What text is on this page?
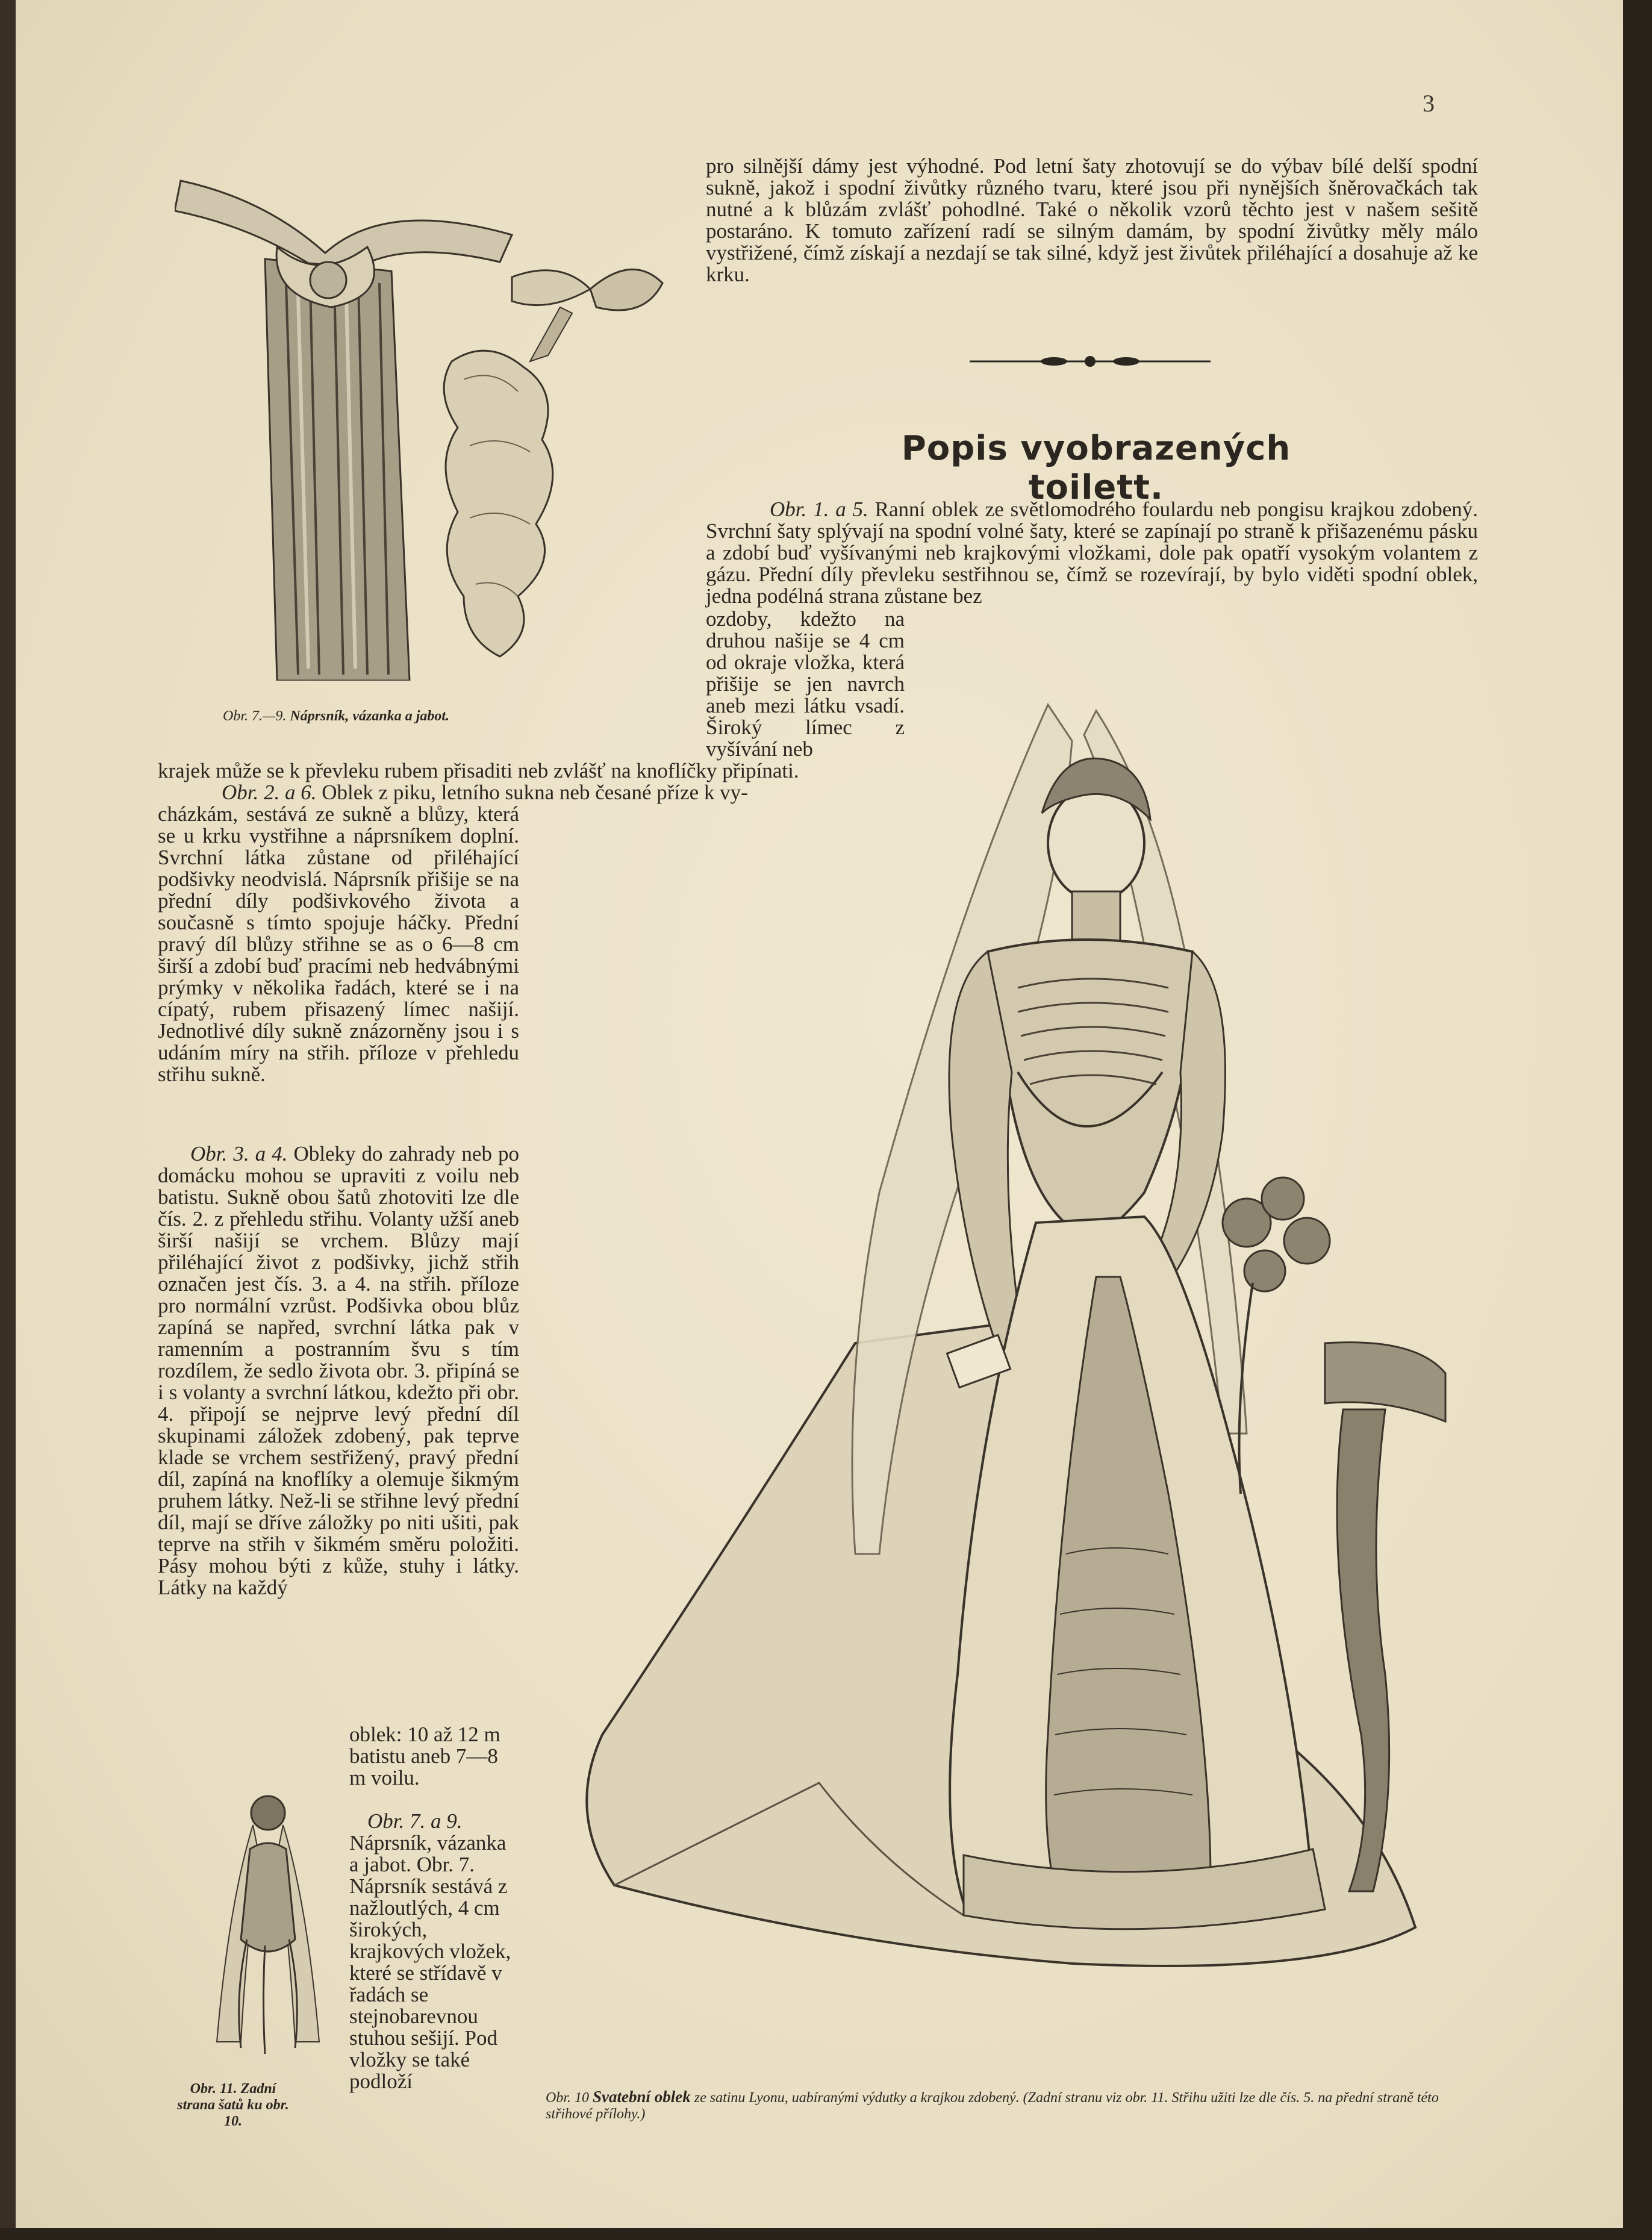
3

pro silnější dámy jest výhodné. Pod letní šaty zhotovují se do výbav bílé delší spodní sukně, jakož i spodní živůtky různého tvaru, které jsou při nynějších šněrovačkách tak nutné a k blůzám zvlášť pohodlné. Také o několik vzorů těchto jest v našem sešitě postaráno. K tomuto zařízení radí se silným damám, by spodní živůtky měly málo vystřižené, čímž získají a nezdají se tak silné, když jest živůtek přiléhající a dosahuje až ke krku.

Popis vyobrazených toilett.

Obr. 1. a 5. Ranní oblek ze světlomodrého foulardu neb pongisu krajkou zdobený. Svrchní šaty splývají na spodní volné šaty, které se zapínají po straně k přišazenému pásku a zdobí buď vyšívanými neb krajkovými vložkami, dole pak opatří vysokým volantem z gázu. Přední díly převleku sestřihnou se, čímž se rozevírají, by bylo viděti spodní oblek, jedna podélná strana zůstane bez

ozdoby, kdežto na druhou našije se 4 cm od okraje vložka, která přišije se jen navrch aneb mezi látku vsadí. Široký límec z vyšívání neb

krajek může se k převleku rubem přisaditi neb zvlášť na knoflíčky připínati.

Obr. 2. a 6. Oblek z piku, letního sukna neb česané příze k vy-

cházkám, sestává ze sukně a blůzy, která se u krku vystřihne a náprsníkem doplní. Svrchní látka zůstane od přiléhající podšivky neodvislá. Náprsník přišije se na přední díly podšivkového života a současně s tímto spojuje háčky. Přední pravý díl blůzy střihne se as o 6—8 cm širší a zdobí buď pracími neb hedvábnými prýmky v několika řadách, které se i na cípatý, rubem přisazený límec našijí. Jednotlivé díly sukně znázorněny jsou i s udáním míry na střih. příloze v přehledu střihu sukně.

Obr. 3. a 4. Obleky do zahrady neb po domácku mohou se upraviti z voilu neb batistu. Sukně obou šatů zhotoviti lze dle čís. 2. z přehledu střihu. Volanty užší aneb širší našijí se vrchem. Blůzy mají přiléhající život z podšivky, jichž střih označen jest čís. 3. a 4. na střih. příloze pro normální vzrůst. Podšivka obou blůz zapíná se napřed, svrchní látka pak v ramenním a postranním švu s tím rozdílem, že sedlo života obr. 3. připíná se i s volanty a svrchní látkou, kdežto při obr. 4. připojí se nejprve levý přední díl skupinami záložek zdobený, pak teprve klade se vrchem sestřižený, pravý přední díl, zapíná na knoflíky a olemuje šikmým pruhem látky. Než-li se střihne levý přední díl, mají se dříve záložky po niti ušiti, pak teprve na střih v šikmém směru položiti. Pásy mohou býti z kůže, stuhy i látky. Látky na každý

oblek: 10 až 12 m batistu aneb 7—8 m voilu.

Obr. 7. a 9.
Náprsník, vázanka a jabot. Obr. 7. Náprsník sestává z nažloutlých, 4 cm širokých, krajkových vložek, které se střídavě v řadách se stejnobarevnou stuhou sešijí. Pod vložky se také podloží

Obr. 7.—9. Náprsník, vázanka a jabot.
Obr. 11. Zadní strana šatů ku obr. 10.
Obr. 10 Svatební oblek ze satinu Lyonu, uabíranými výdutky a krajkou zdobený. (Zadní stranu viz obr. 11. Střihu užiti lze dle čís. 5. na přední straně této střihové přílohy.)
